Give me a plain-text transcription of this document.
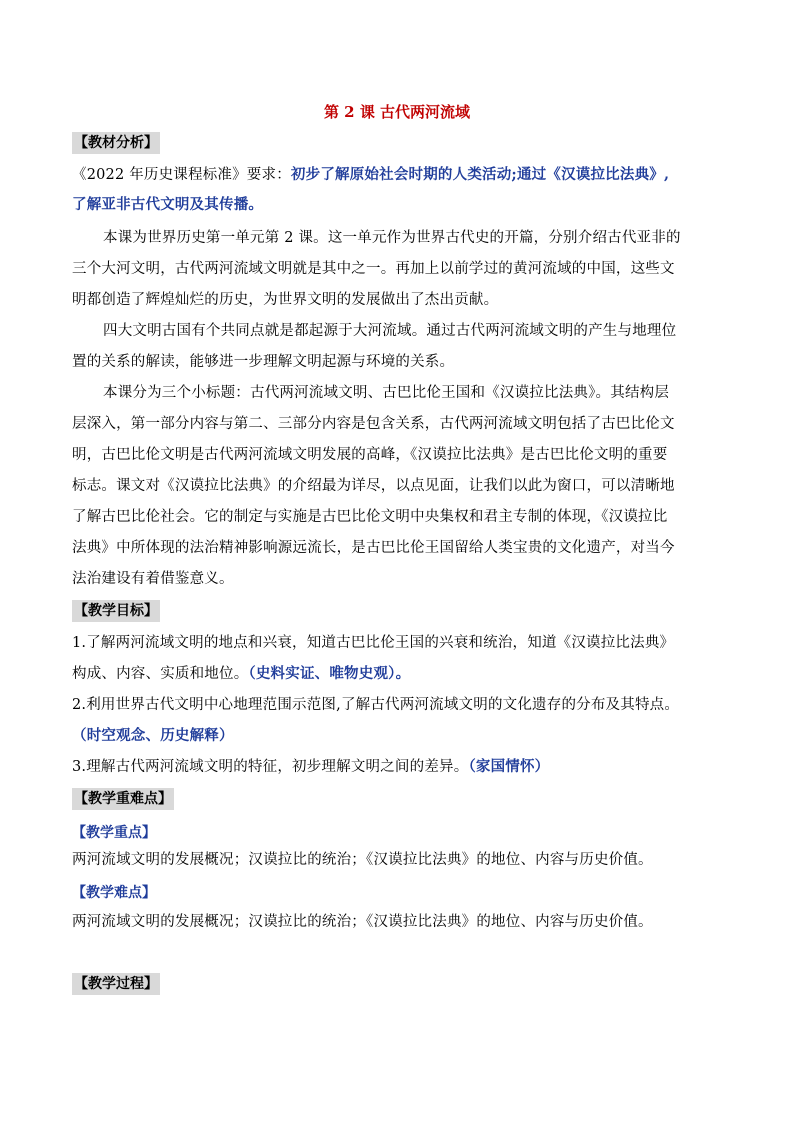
第 2 课 古代两河流域
【教材分析】
《2022 年历史课程标准》要求：初步了解原始社会时期的人类活动;通过《汉谟拉比法典》,
了解亚非古代文明及其传播。
本课为世界历史第一单元第 2 课。这一单元作为世界古代史的开篇，分别介绍古代亚非的
三个大河文明，古代两河流域文明就是其中之一。再加上以前学过的黄河流域的中国，这些文
明都创造了辉煌灿烂的历史，为世界文明的发展做出了杰出贡献。
四大文明古国有个共同点就是都起源于大河流域。通过古代两河流域文明的产生与地理位
置的关系的解读，能够进一步理解文明起源与环境的关系。
本课分为三个小标题：古代两河流域文明、古巴比伦王国和《汉谟拉比法典》。其结构层
层深入，第一部分内容与第二、三部分内容是包含关系，古代两河流域文明包括了古巴比伦文
明，古巴比伦文明是古代两河流域文明发展的高峰，《汉谟拉比法典》是古巴比伦文明的重要
标志。课文对《汉谟拉比法典》的介绍最为详尽，以点见面，让我们以此为窗口，可以清晰地
了解古巴比伦社会。它的制定与实施是古巴比伦文明中央集权和君主专制的体现，《汉谟拉比
法典》中所体现的法治精神影响源远流长，是古巴比伦王国留给人类宝贵的文化遗产，对当今
法治建设有着借鉴意义。
【教学目标】
1.了解两河流域文明的地点和兴衰，知道古巴比伦王国的兴衰和统治，知道《汉谟拉比法典》
构成、内容、实质和地位。（史料实证、唯物史观）。
2.利用世界古代文明中心地理范围示范图,了解古代两河流域文明的文化遗存的分布及其特点。
（时空观念、历史解释）
3.理解古代两河流域文明的特征，初步理解文明之间的差异。（家国情怀）
【教学重难点】
【教学重点】
两河流域文明的发展概况；汉谟拉比的统治；《汉谟拉比法典》的地位、内容与历史价值。
【教学难点】
两河流域文明的发展概况；汉谟拉比的统治；《汉谟拉比法典》的地位、内容与历史价值。
【教学过程】
